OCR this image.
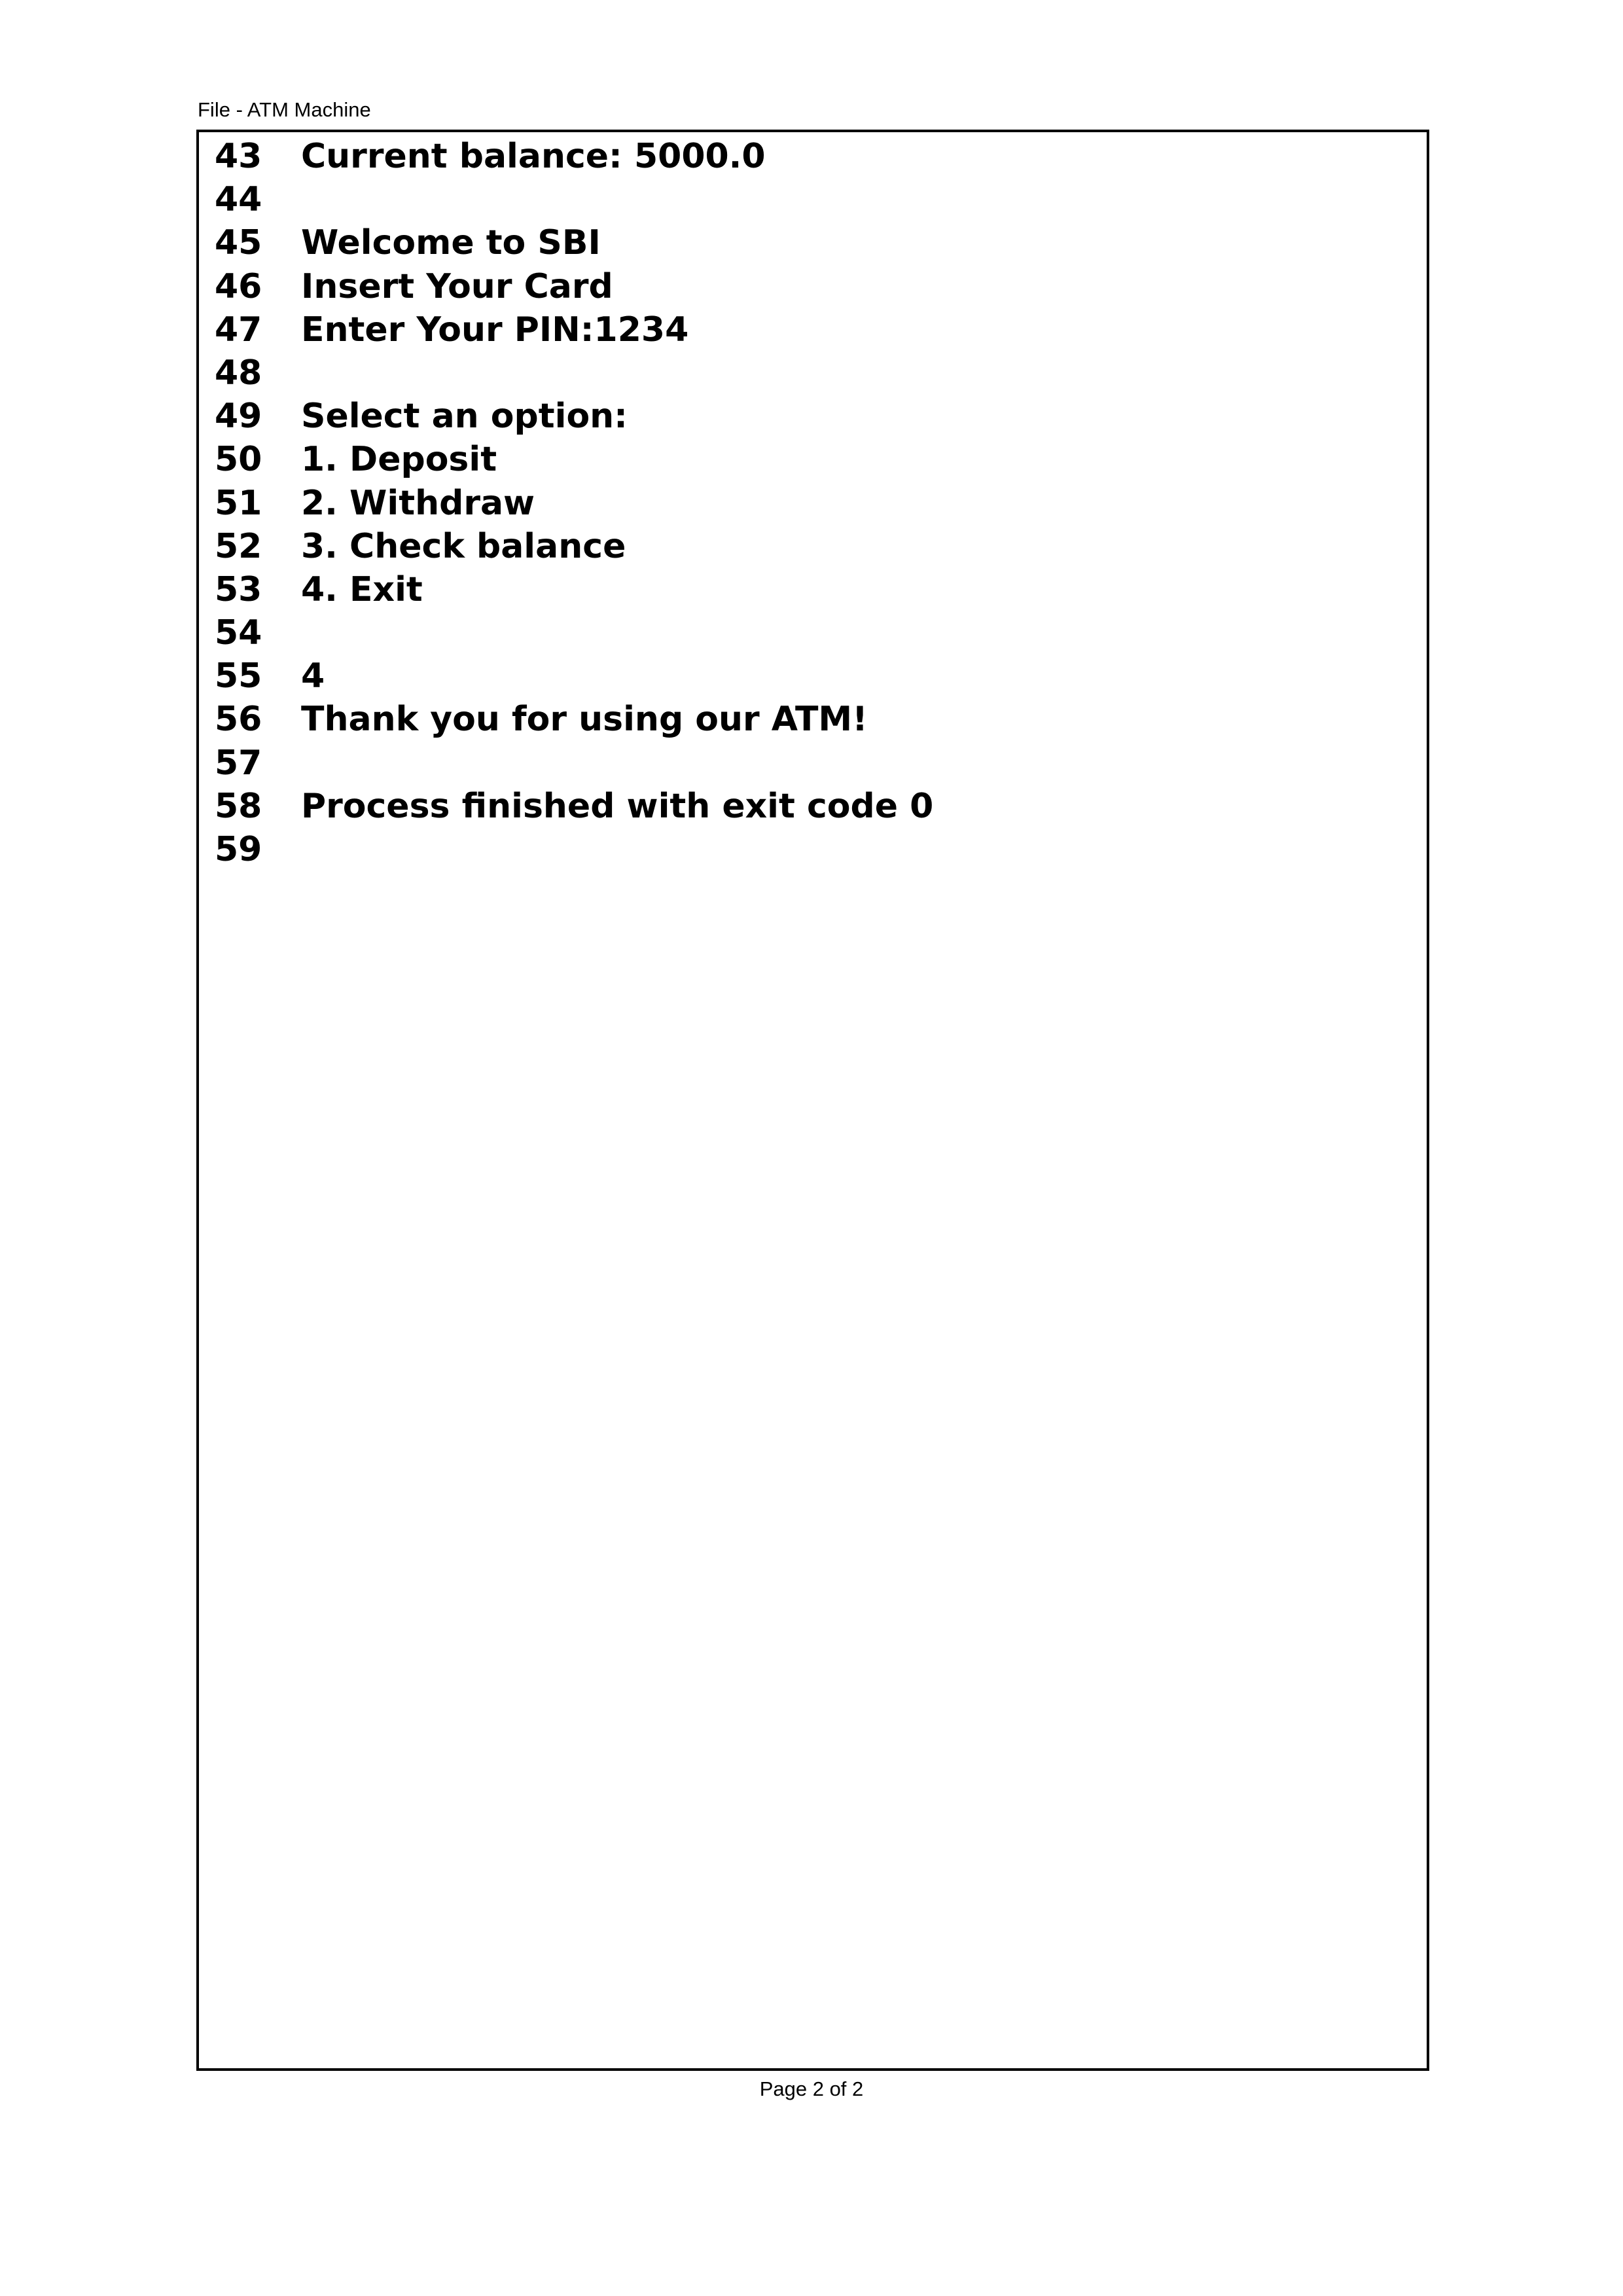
File - ATM Machine
43	Current balance: 5000.0
44
45	Welcome to SBI
46	Insert Your Card
47	Enter Your PIN:1234
48
49	Select an option:
50	1. Deposit
51	2. Withdraw
52	3. Check balance
53	4. Exit
54
55	4
56	Thank you for using our ATM!
57
58	Process finished with exit code 0
59
Page 2 of 2
